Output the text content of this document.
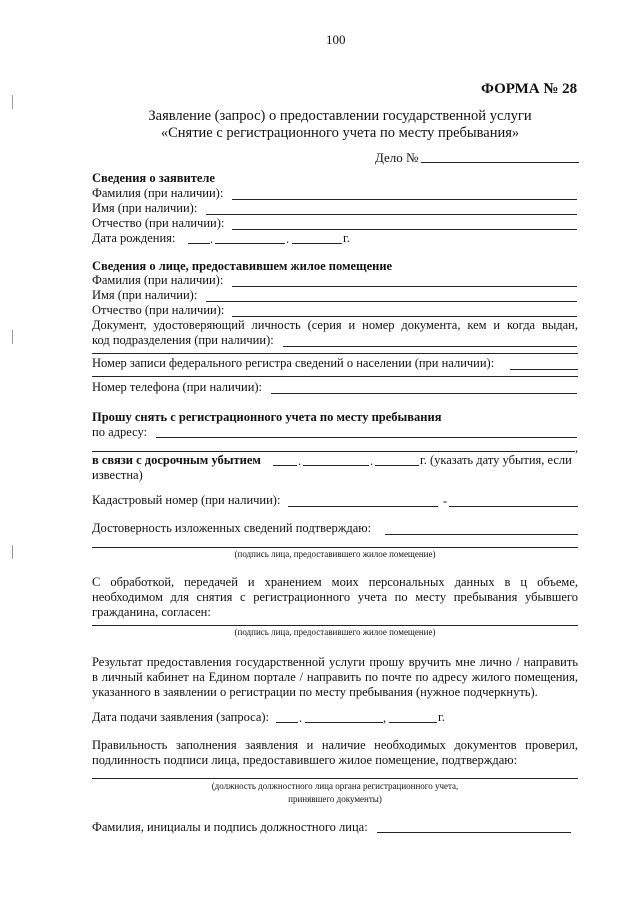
100
ФОРМА № 28
Заявление (запрос) о предоставлении государственной услуги
«Снятие с регистрационного учета по месту пребывания»
Дело №
Сведения о заявителе
Фамилия (при наличии):
Имя (при наличии):
Отчество (при наличии):
Дата рождения:	.	.	г.
Сведения о лице, предоставившем жилое помещение
Фамилия (при наличии):
Имя (при наличии):
Отчество (при наличии):
Документ, удостоверяющий личность (серия и номер документа, кем и когда выдан,
код подразделения (при наличии):
Номер записи федерального регистра сведений о населении (при наличии):
Номер телефона (при наличии):
Прошу снять с регистрационного учета по месту пребывания
по адресу:
,
в связи с досрочным убытием	.	.	г. (указать дату убытия, если
известна)
Кадастровый номер (при наличии):	-
Достоверность изложенных сведений подтверждаю:
(подпись лица, предоставившего жилое помещение)
С обработкой, передачей и хранением моих персональных данных в ц объеме,
необходимом для снятия с регистрационного учета по месту пребывания убывшего
гражданина, согласен:
(подпись лица, предоставившего жилое помещение)
Результат предоставления государственной услуги прошу вручить мне лично / направить
в личный кабинет на Едином портале / направить по почте по адресу жилого помещения,
указанного в заявлении о регистрации по месту пребывания (нужное подчеркнуть).
Дата подачи заявления (запроса): .	,	г.
Правильность заполнения заявления и наличие необходимых документов проверил,
подлинность подписи лица, предоставившего жилое помещение, подтверждаю:
(должность должностного лица органа регистрационного учета,
принявшего документы)
Фамилия, инициалы и подпись должностного лица:
